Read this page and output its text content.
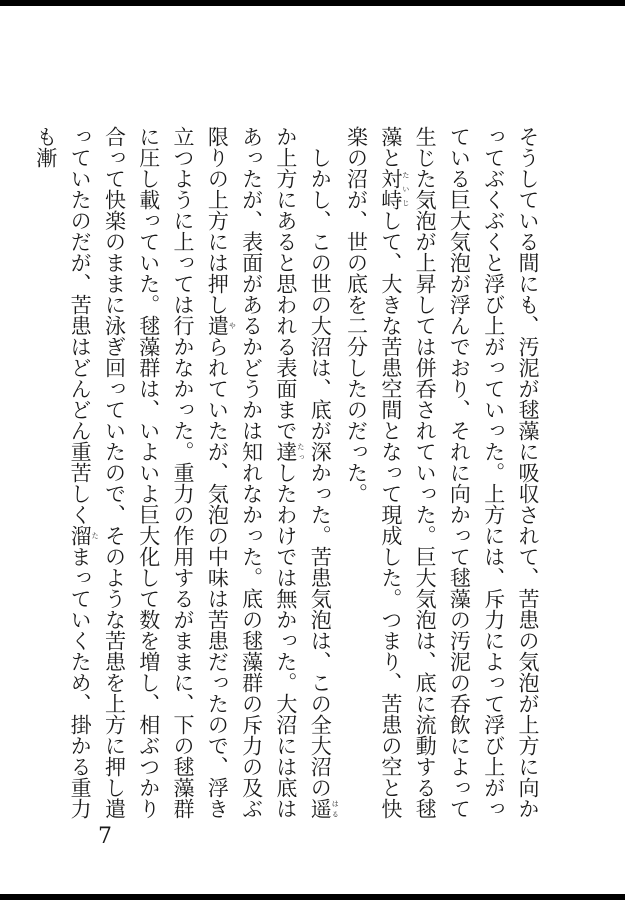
そうしている間にも、汚泥が毬藻に吸収されて、苦患の気泡が上方に向かってぶくぶくと浮び上がっていった。上方には、斥力によって浮び上がっている巨大気泡が浮んでおり、それに向かって毬藻の汚泥の呑飲によって生じた気泡が上昇しては併呑されていった。巨大気泡は、底に流動する毬藻と対峙 たいじして、大きな苦患空間となって現成した。つまり、苦患の空と快楽の沼が、世の底を二分したのだった。

しかし、この世の大沼は、底が深かった。苦患気泡は、この全大沼の遥 はるか上方にあると思われる表面まで達 たっしたわけでは無かった。大沼には底はあったが、表面があるかどうかは知れなかった。底の毬藻群の斥力の及ぶ限りの上方には押し遣 やられていたが、気泡の中味は苦患だったので、浮き立つように上っては行かなかった。重力の作用するがままに、下の毬藻群に圧し載っていた。毬藻群は、いよいよ巨大化して数を増し、相ぶつかり合って快楽のままに泳ぎ回っていたので、そのような苦患を上方に押し遣っていたのだが、苦患はどんどん重苦しく溜 たまっていくため、掛かる重力も漸

7
